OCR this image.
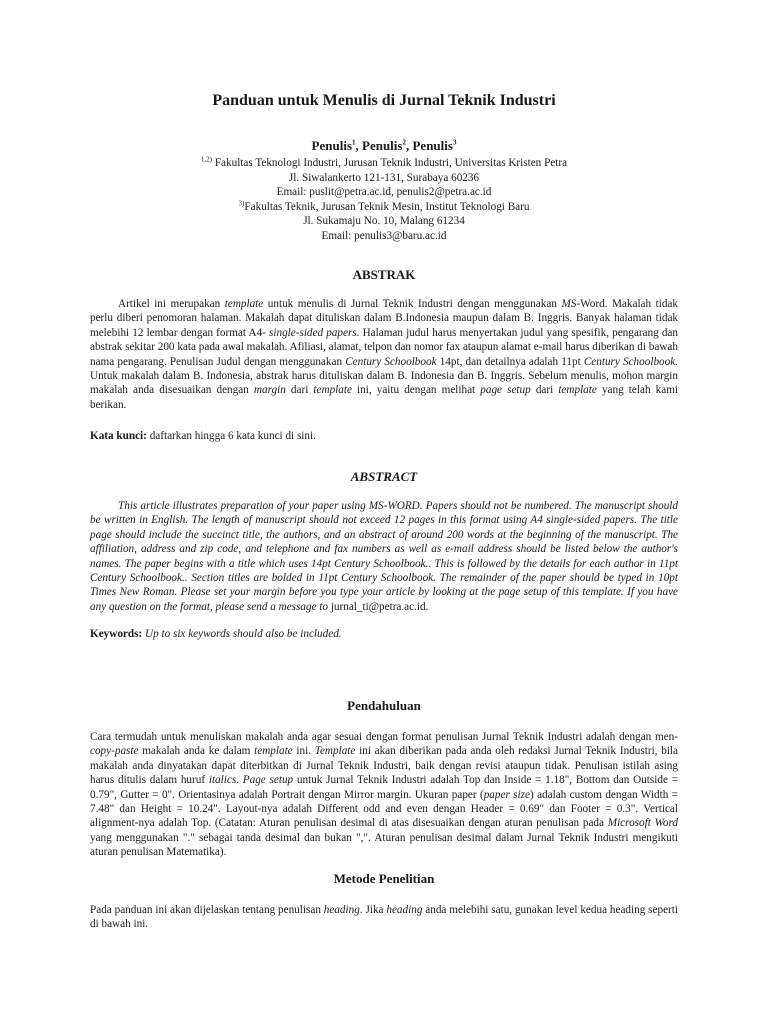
Panduan untuk Menulis di Jurnal Teknik Industri
Penulis$^1$, Penulis$^2$, Penulis$^3$
$^{1,2)}$ Fakultas Teknologi Industri, Jurusan Teknik Industri, Universitas Kristen Petra
Jl. Siwalankerto 121-131, Surabaya 60236
Email: puslit@petra.ac.id, penulis2@petra.ac.id
$^{3)}$Fakultas Teknik, Jurusan Teknik Mesin, Institut Teknologi Baru
Jl. Sukamaju No. 10, Malang 61234
Email: penulis3@baru.ac.id
ABSTRAK
Artikel ini merupakan template untuk menulis di Jurnal Teknik Industri dengan menggunakan MS-Word. Makalah tidak perlu diberi penomoran halaman. Makalah dapat dituliskan dalam B.Indonesia maupun dalam B. Inggris. Banyak halaman tidak melebihi 12 lembar dengan format A4- single-sided papers. Halaman judul harus menyertakan judul yang spesifik, pengarang dan abstrak sekitar 200 kata pada awal makalah. Afiliasi, alamat, telpon dan nomor fax ataupun alamat e-mail harus diberikan di bawah nama pengarang. Penulisan Judul dengan menggunakan Century Schoolbook 14pt, dan detailnya adalah 11pt Century Schoolbook. Untuk makalah dalam B. Indonesia, abstrak harus dituliskan dalam B. Indonesia dan B. Inggris. Sebelum menulis, mohon margin makalah anda disesuaikan dengan margin dari template ini, yaitu dengan melihat page setup dari template yang telah kami berikan.
Kata kunci: daftarkan hingga 6 kata kunci di sini.
ABSTRACT
This article illustrates preparation of your paper using MS-WORD. Papers should not be numbered. The manuscript should be written in English. The length of manuscript should not exceed 12 pages in this format using A4 single-sided papers. The title page should include the succinct title, the authors, and an abstract of around 200 words at the beginning of the manuscript. The affiliation, address and zip code, and telephone and fax numbers as well as e-mail address should be listed below the author's names. The paper begins with a title which uses 14pt Century Schoolbook.. This is followed by the details for each author in 11pt Century Schoolbook.. Section titles are bolded in 11pt Century Schoolbook. The remainder of the paper should be typed in 10pt Times New Roman. Please set your margin before you type your article by looking at the page setup of this template. If you have any question on the format, please send a message to jurnal_ti@petra.ac.id.
Keywords: Up to six keywords should also be included.
Pendahuluan
Cara termudah untuk menuliskan makalah anda agar sesuai dengan format penulisan Jurnal Teknik Industri adalah dengan men-copy-paste makalah anda ke dalam template ini. Template ini akan diberikan pada anda oleh redaksi Jurnal Teknik Industri, bila makalah anda dinyatakan dapat diterbitkan di Jurnal Teknik Industri, baik dengan revisi ataupun tidak. Penulisan istilah asing harus ditulis dalam huruf italics. Page setup untuk Jurnal Teknik Industri adalah Top dan Inside = 1.18", Bottom dan Outside = 0.79", Gutter = 0". Orientasinya adalah Portrait dengan Mirror margin. Ukuran paper (paper size) adalah custom dengan Width = 7.48" dan Height = 10.24". Layout-nya adalah Different odd and even dengan Header = 0.69" dan Footer = 0.3". Vertical alignment-nya adalah Top. (Catatan: Aturan penulisan desimal di atas disesuaikan dengan aturan penulisan pada Microsoft Word yang menggunakan "." sebagai tanda desimal dan bukan ",". Aturan penulisan desimal dalam Jurnal Teknik Industri mengikuti aturan penulisan Matematika).
Metode Penelitian
Pada panduan ini akan dijelaskan tentang penulisan heading. Jika heading anda melebihi satu, gunakan level kedua heading seperti di bawah ini.
